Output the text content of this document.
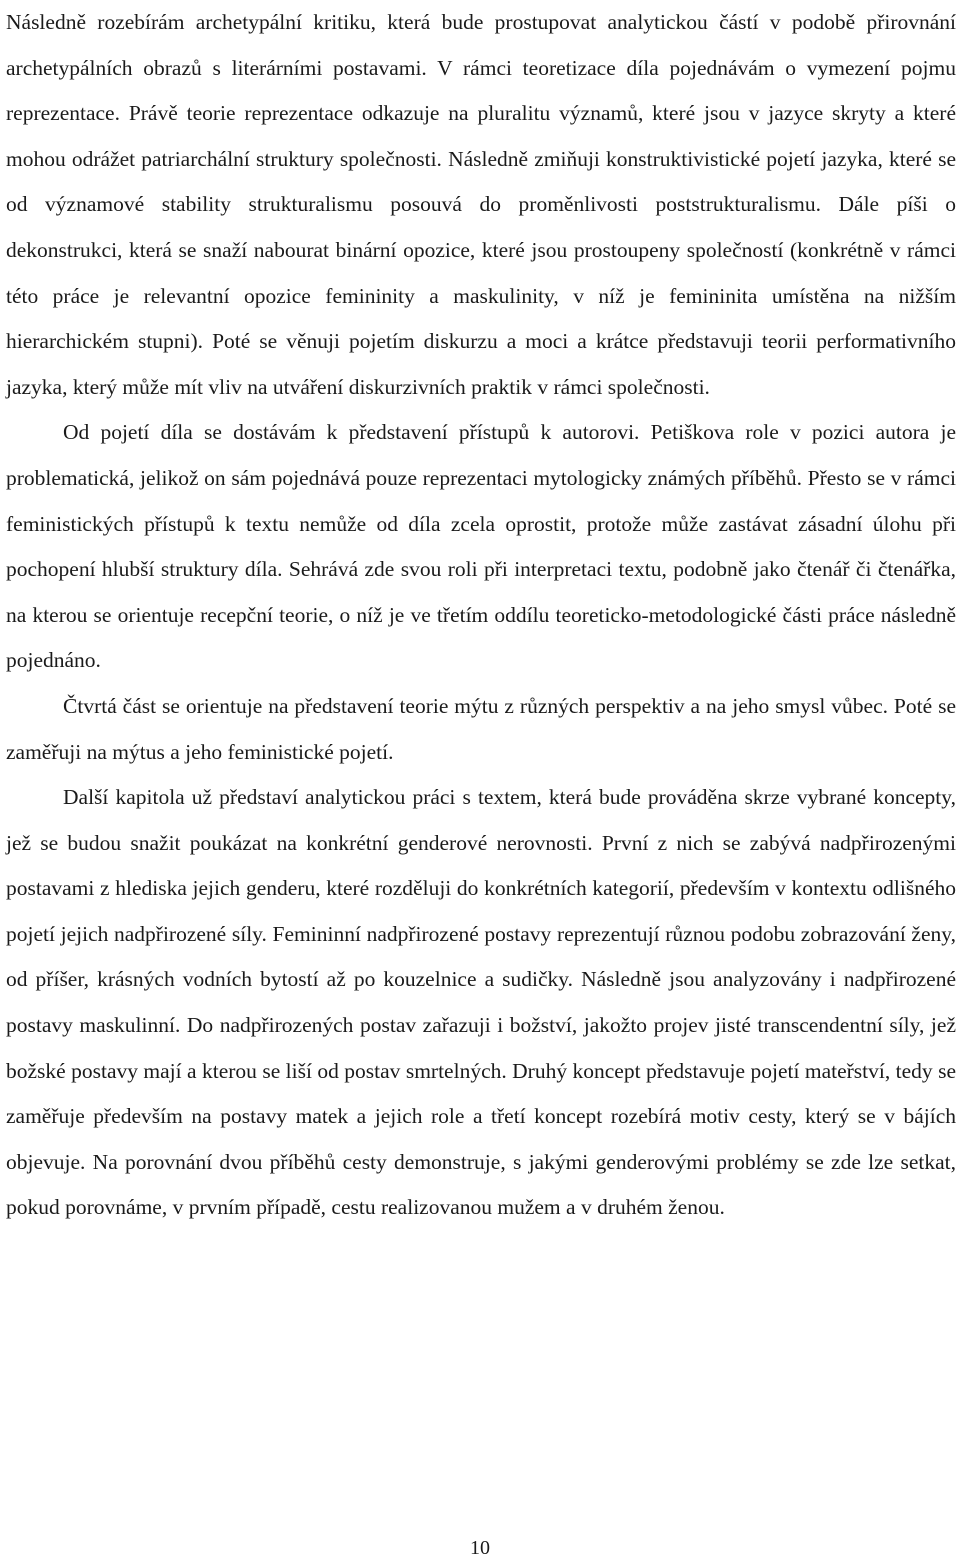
Následně rozebírám archetypální kritiku, která bude prostupovat analytickou částí v podobě přirovnání archetypálních obrazů s literárními postavami. V rámci teoretizace díla pojednávám o vymezení pojmu reprezentace. Právě teorie reprezentace odkazuje na pluralitu významů, které jsou v jazyce skryty a které mohou odrážet patriarchální struktury společnosti. Následně zmiňuji konstruktivistické pojetí jazyka, které se od významové stability strukturalismu posouvá do proměnlivosti poststrukturalismu. Dále píši o dekonstrukci, která se snaží nabourat binární opozice, které jsou prostoupeny společností (konkrétně v rámci této práce je relevantní opozice femininity a maskulinity, v níž je femininita umístěna na nižším hierarchickém stupni). Poté se věnuji pojetím diskurzu a moci a krátce představuji teorii performativního jazyka, který může mít vliv na utváření diskurzivních praktik v rámci společnosti.

Od pojetí díla se dostávám k představení přístupů k autorovi. Petiškova role v pozici autora je problematická, jelikož on sám pojednává pouze reprezentaci mytologicky známých příběhů. Přesto se v rámci feministických přístupů k textu nemůže od díla zcela oprostit, protože může zastávat zásadní úlohu při pochopení hlubší struktury díla. Sehrává zde svou roli při interpretaci textu, podobně jako čtenář či čtenářka, na kterou se orientuje recepční teorie, o níž je ve třetím oddílu teoreticko-metodologické části práce následně pojednáno.

Čtvrtá část se orientuje na představení teorie mýtu z různých perspektiv a na jeho smysl vůbec. Poté se zaměřuji na mýtus a jeho feministické pojetí.

Další kapitola už představí analytickou práci s textem, která bude prováděna skrze vybrané koncepty, jež se budou snažit poukázat na konkrétní genderové nerovnosti. První z nich se zabývá nadpřirozenými postavami z hlediska jejich genderu, které rozděluji do konkrétních kategorií, především v kontextu odlišného pojetí jejich nadpřirozené síly. Femininní nadpřirozené postavy reprezentují různou podobu zobrazování ženy, od příšer, krásných vodních bytostí až po kouzelnice a sudičky. Následně jsou analyzovány i nadpřirozené postavy maskulinní. Do nadpřirozených postav zařazuji i božství, jakožto projev jisté transcendentní síly, jež božské postavy mají a kterou se liší od postav smrtelných. Druhý koncept představuje pojetí mateřství, tedy se zaměřuje především na postavy matek a jejich role a třetí koncept rozebírá motiv cesty, který se v bájích objevuje. Na porovnání dvou příběhů cesty demonstruje, s jakými genderovými problémy se zde lze setkat, pokud porovnáme, v prvním případě, cestu realizovanou mužem a v druhém ženou.

10
